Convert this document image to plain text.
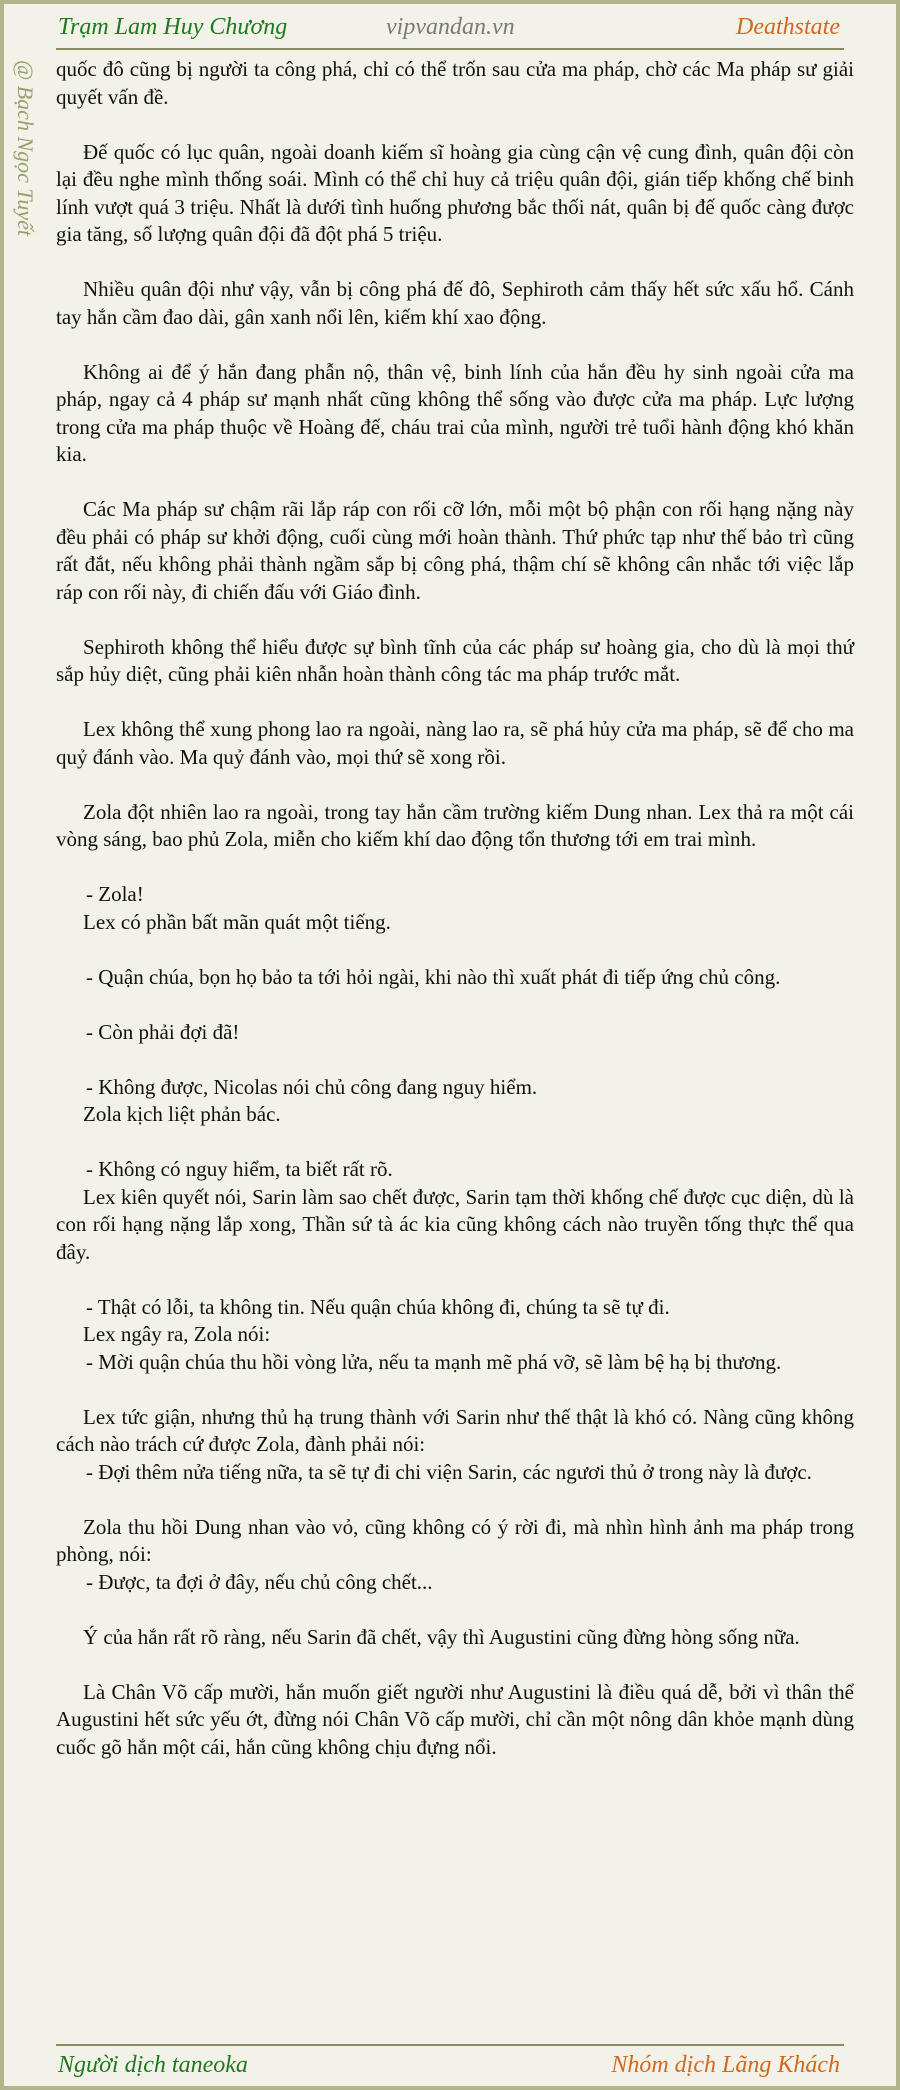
Trạm Lam Huy Chương	vipvandan.vn	Deathstate
@ Bạch Ngọc Tuyết quốc đô cũng bị người ta công phá, chỉ có thể trốn sau cửa ma pháp, chờ các Ma pháp sư giải quyết vấn đề.

Đế quốc có lục quân, ngoài doanh kiếm sĩ hoàng gia cùng cận vệ cung đình, quân đội còn lại đều nghe mình thống soái. Mình có thể chỉ huy cả triệu quân đội, gián tiếp khống chế binh lính vượt quá 3 triệu. Nhất là dưới tình huống phương bắc thối nát, quân bị đế quốc càng được gia tăng, số lượng quân đội đã đột phá 5 triệu.

Nhiều quân đội như vậy, vẫn bị công phá đế đô, Sephiroth cảm thấy hết sức xấu hổ. Cánh tay hắn cầm đao dài, gân xanh nổi lên, kiếm khí xao động.

Không ai để ý hắn đang phẫn nộ, thân vệ, binh lính của hắn đều hy sinh ngoài cửa ma pháp, ngay cả 4 pháp sư mạnh nhất cũng không thể sống vào được cửa ma pháp. Lực lượng trong cửa ma pháp thuộc về Hoàng đế, cháu trai của mình, người trẻ tuổi hành động khó khăn kia.

Các Ma pháp sư chậm rãi lắp ráp con rối cỡ lớn, mỗi một bộ phận con rối hạng nặng này đều phải có pháp sư khởi động, cuối cùng mới hoàn thành. Thứ phức tạp như thế bảo trì cũng rất đắt, nếu không phải thành ngầm sắp bị công phá, thậm chí sẽ không cân nhắc tới việc lắp ráp con rối này, đi chiến đấu với Giáo đình.

Sephiroth không thể hiểu được sự bình tĩnh của các pháp sư hoàng gia, cho dù là mọi thứ sắp hủy diệt, cũng phải kiên nhẫn hoàn thành công tác ma pháp trước mắt.

Lex không thể xung phong lao ra ngoài, nàng lao ra, sẽ phá hủy cửa ma pháp, sẽ để cho ma quỷ đánh vào. Ma quỷ đánh vào, mọi thứ sẽ xong rồi.

Zola đột nhiên lao ra ngoài, trong tay hắn cầm trường kiếm Dung nhan. Lex thả ra một cái vòng sáng, bao phủ Zola, miễn cho kiếm khí dao động tổn thương tới em trai mình.

- Zola!

Lex có phần bất mãn quát một tiếng.

- Quận chúa, bọn họ bảo ta tới hỏi ngài, khi nào thì xuất phát đi tiếp ứng chủ công.

- Còn phải đợi đã!

- Không được, Nicolas nói chủ công đang nguy hiểm.

Zola kịch liệt phản bác.

- Không có nguy hiểm, ta biết rất rõ.

Lex kiên quyết nói, Sarin làm sao chết được, Sarin tạm thời khống chế được cục diện, dù là con rối hạng nặng lắp xong, Thần sứ tà ác kia cũng không cách nào truyền tống thực thể qua đây.

- Thật có lỗi, ta không tin. Nếu quận chúa không đi, chúng ta sẽ tự đi.

Lex ngây ra, Zola nói:

- Mời quận chúa thu hồi vòng lửa, nếu ta mạnh mẽ phá vỡ, sẽ làm bệ hạ bị thương.

Lex tức giận, nhưng thủ hạ trung thành với Sarin như thế thật là khó có. Nàng cũng không cách nào trách cứ được Zola, đành phải nói:

- Đợi thêm nửa tiếng nữa, ta sẽ tự đi chi viện Sarin, các ngươi thủ ở trong này là được.

Zola thu hồi Dung nhan vào vỏ, cũng không có ý rời đi, mà nhìn hình ảnh ma pháp trong phòng, nói:

- Được, ta đợi ở đây, nếu chủ công chết...

Ý của hắn rất rõ ràng, nếu Sarin đã chết, vậy thì Augustini cũng đừng hòng sống nữa.

Là Chân Võ cấp mười, hắn muốn giết người như Augustini là điều quá dễ, bởi vì thân thể Augustini hết sức yếu ớt, đừng nói Chân Võ cấp mười, chỉ cần một nông dân khỏe mạnh dùng cuốc gõ hắn một cái, hắn cũng không chịu đựng nổi.

Người dịch taneoka	Nhóm dịch Lãng Khách
